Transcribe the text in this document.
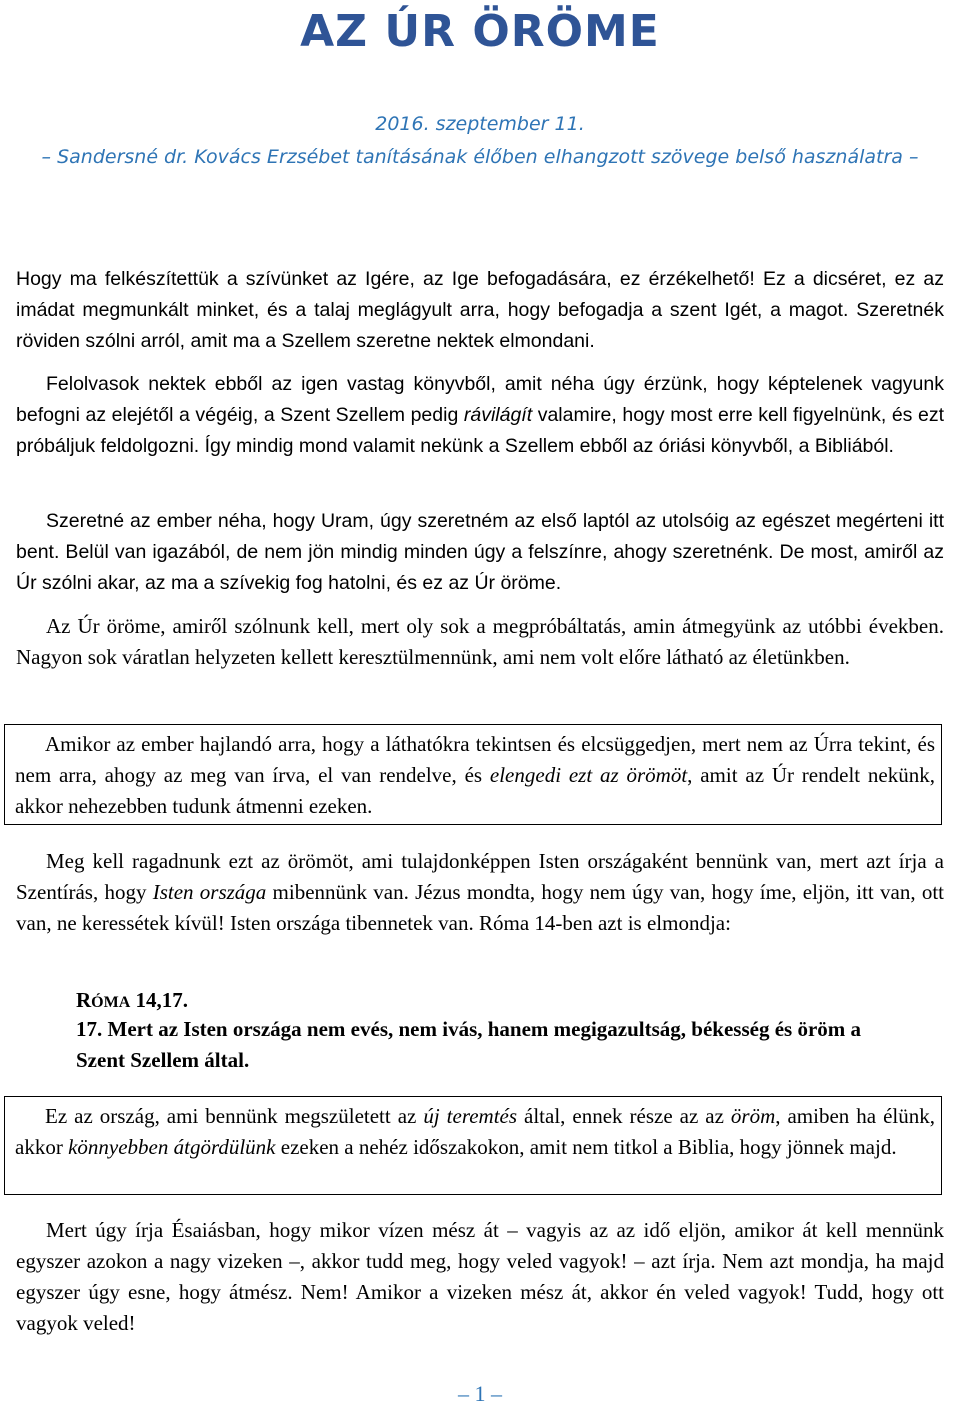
AZ ÚR ÖRÖME
2016. szeptember 11.
– Sandersné dr. Kovács Erzsébet tanításának élőben elhangzott szövege belső használatra –

Hogy ma felkészítettük a szívünket az Igére, az Ige befogadására, ez érzékelhető! Ez a dicséret, ez az imádat megmunkált minket, és a talaj meglágyult arra, hogy befogadja a szent Igét, a magot. Szeretnék röviden szólni arról, amit ma a Szellem szeretne nektek elmondani.

Felolvasok nektek ebből az igen vastag könyvből, amit néha úgy érzünk, hogy képtelenek vagyunk befogni az elejétől a végéig, a Szent Szellem pedig rávilágít valamire, hogy most erre kell figyelnünk, és ezt próbáljuk feldolgozni. Így mindig mond valamit nekünk a Szellem ebből az óriási könyvből, a Bibliából.

Szeretné az ember néha, hogy Uram, úgy szeretném az első laptól az utolsóig az egészet megérteni itt bent. Belül van igazából, de nem jön mindig minden úgy a felszínre, ahogy szeretnénk. De most, amiről az Úr szólni akar, az ma a szívekig fog hatolni, és ez az Úr öröme.

Az Úr öröme, amiről szólnunk kell, mert oly sok a megpróbáltatás, amin átmegyünk az utóbbi években. Nagyon sok váratlan helyzeten kellett keresztülmennünk, ami nem volt előre látható az életünkben.

Amikor az ember hajlandó arra, hogy a láthatókra tekintsen és elcsüggedjen, mert nem az Úrra tekint, és nem arra, ahogy az meg van írva, el van rendelve, és elengedi ezt az örömöt, amit az Úr rendelt nekünk, akkor nehezebben tudunk átmenni ezeken.

Meg kell ragadnunk ezt az örömöt, ami tulajdonképpen Isten országaként bennünk van, mert azt írja a Szentírás, hogy Isten országa mibennünk van. Jézus mondta, hogy nem úgy van, hogy íme, eljön, itt van, ott van, ne keressétek kívül! Isten országa tibennetek van. Róma 14-ben azt is elmondja:

RÓMA 14,17.
17. Mert az Isten országa nem evés, nem ivás, hanem megigazultság, békesség és öröm a Szent Szellem által.

Ez az ország, ami bennünk megszületett az új teremtés által, ennek része az az öröm, amiben ha élünk, akkor könnyebben átgördülünk ezeken a nehéz időszakokon, amit nem titkol a Biblia, hogy jönnek majd.

Mert úgy írja Ésaiásban, hogy mikor vízen mész át – vagyis az az idő eljön, amikor át kell mennünk egyszer azokon a nagy vizeken –, akkor tudd meg, hogy veled vagyok! – azt írja. Nem azt mondja, ha majd egyszer úgy esne, hogy átmész. Nem! Amikor a vizeken mész át, akkor én veled vagyok! Tudd, hogy ott vagyok veled!

– 1 –
